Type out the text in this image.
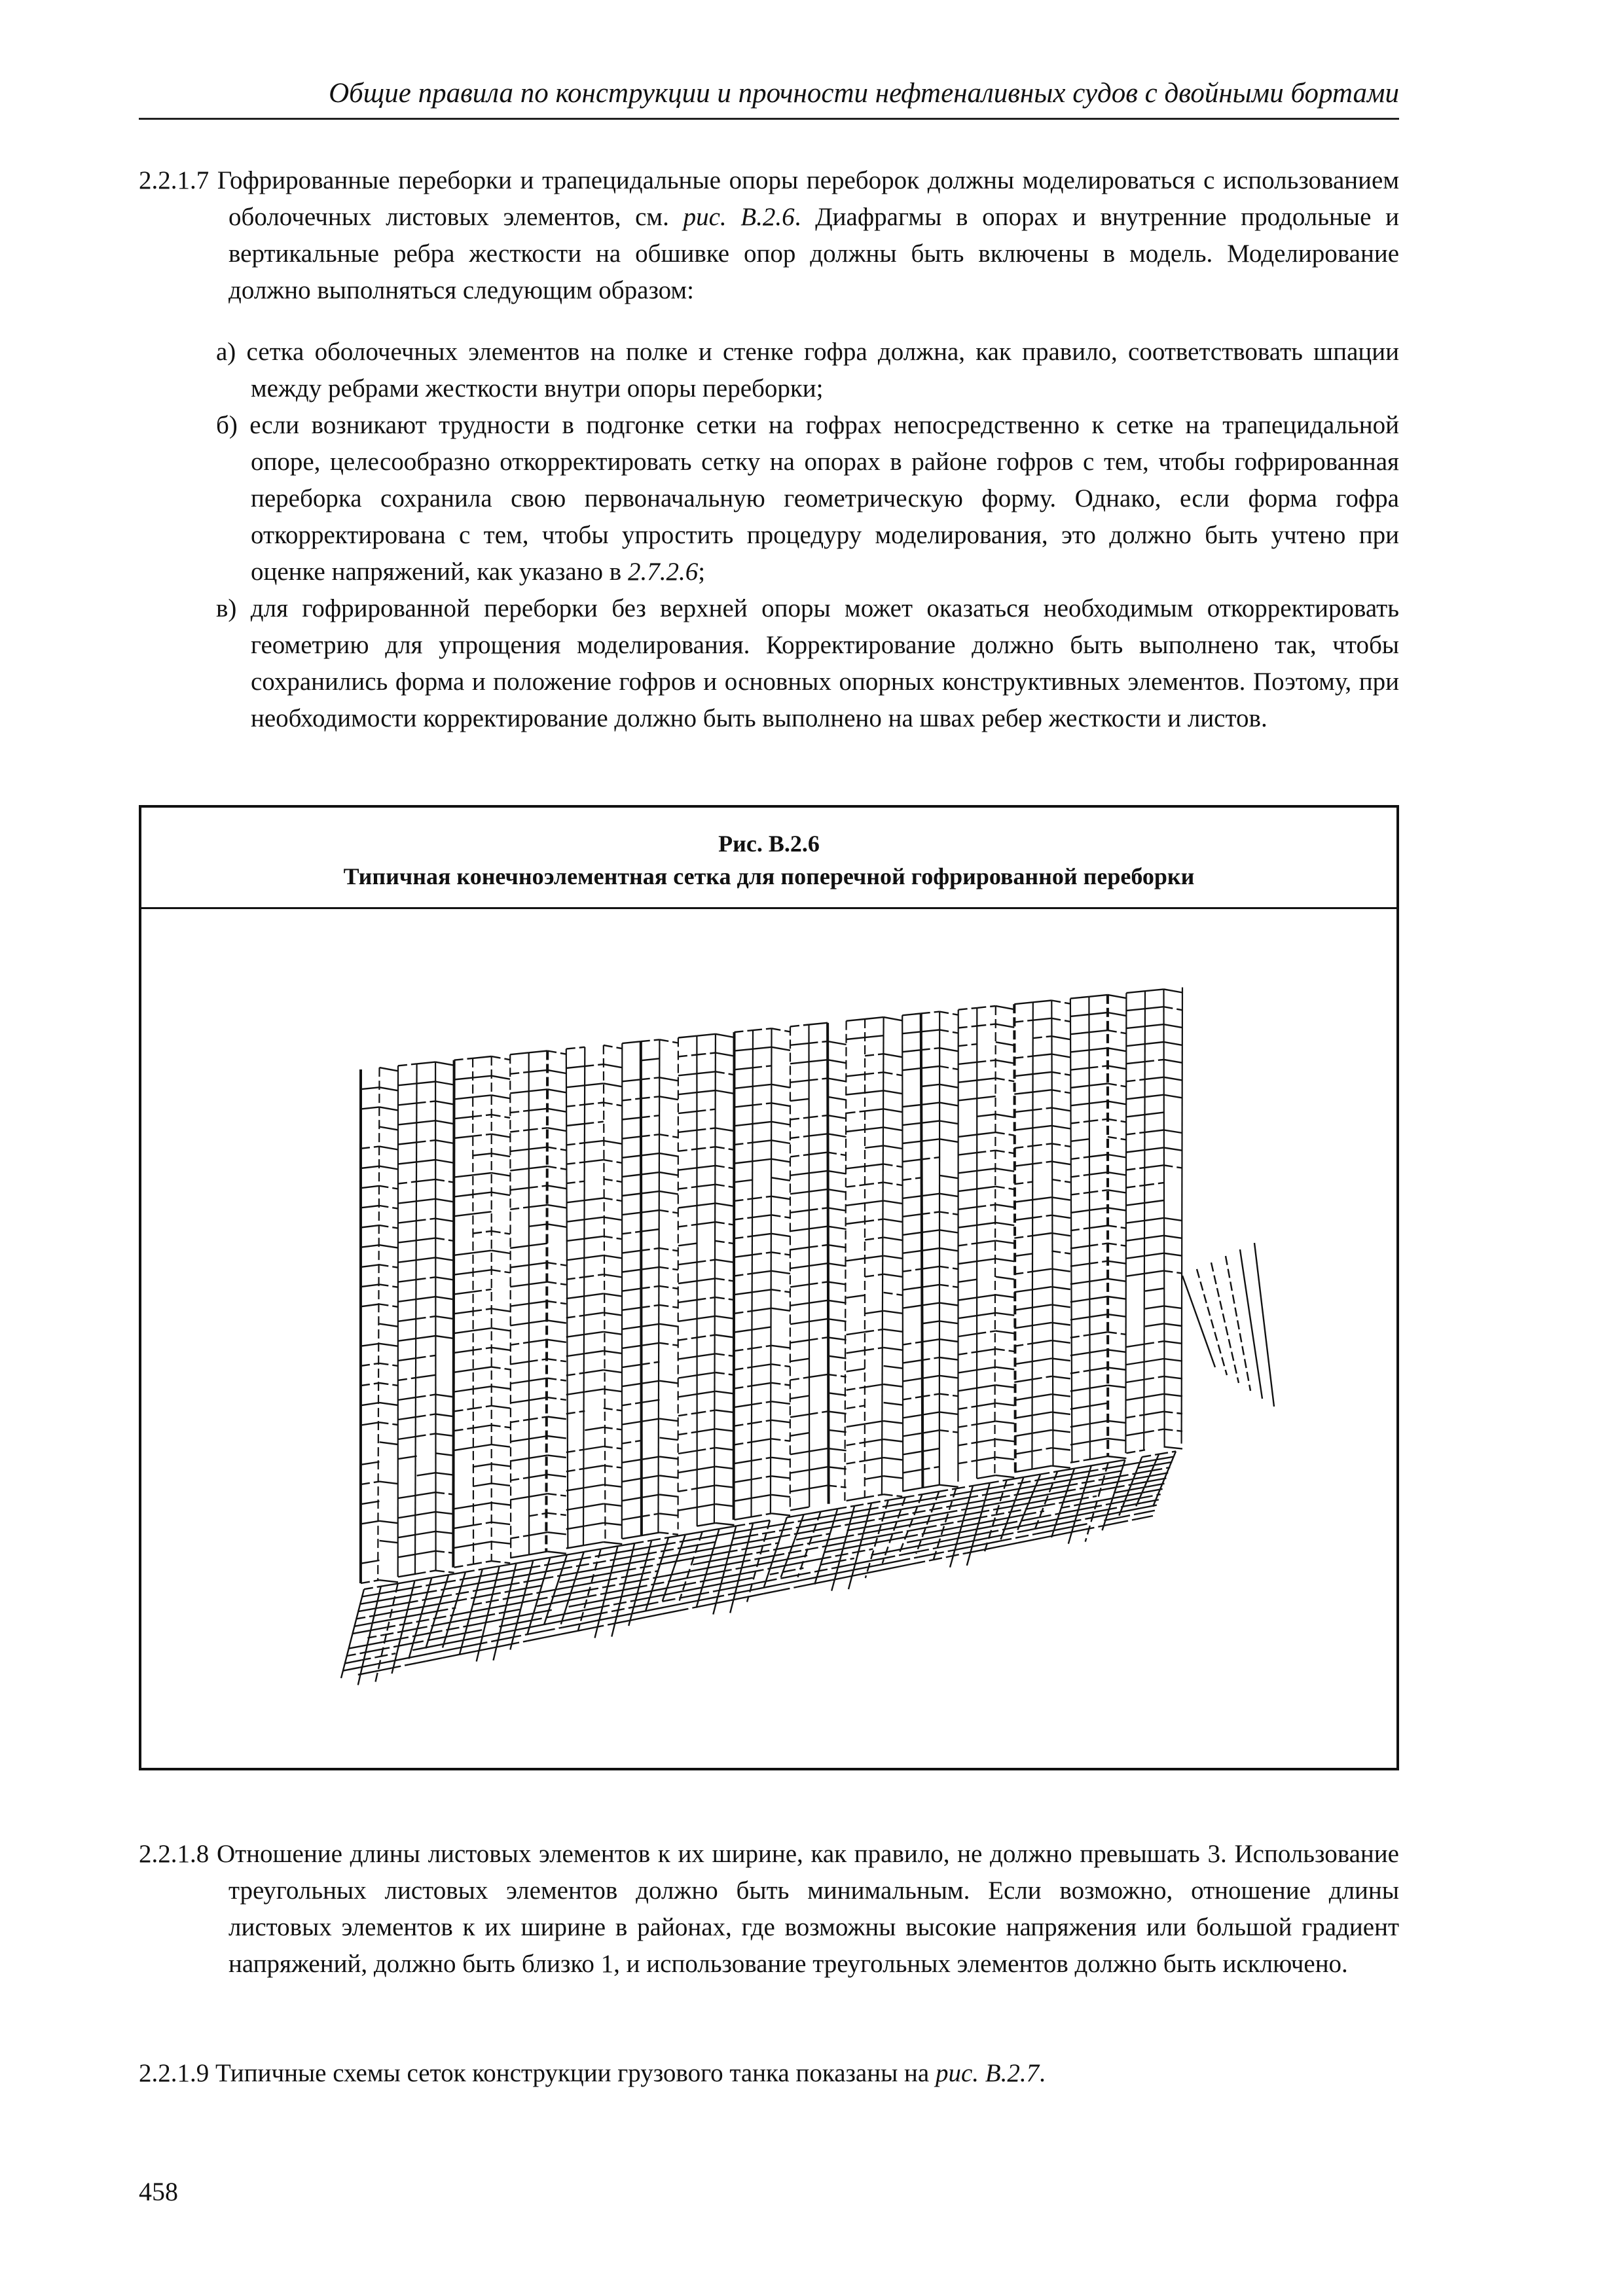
Общие правила по конструкции и прочности нефтеналивных судов с двойными бортами

2.2.1.7 Гофрированные переборки и трапецидальные опоры переборок должны моделироваться с использованием оболочечных листовых элементов, см. рис. В.2.6. Диафрагмы в опорах и внутренние продольные и вертикальные ребра жесткости на обшивке опор должны быть включены в модель. Моделирование должно выполняться следующим образом:

а) сетка оболочечных элементов на полке и стенке гофра должна, как правило, соответствовать шпации между ребрами жесткости внутри опоры переборки;

б) если возникают трудности в подгонке сетки на гофрах непосредственно к сетке на трапецидальной опоре, целесообразно откорректировать сетку на опорах в районе гофров с тем, чтобы гофрированная переборка сохранила свою первоначальную геометрическую форму. Однако, если форма гофра откорректирована с тем, чтобы упростить процедуру моделирования, это должно быть учтено при оценке напряжений, как указано в 2.7.2.6;

в) для гофрированной переборки без верхней опоры может оказаться необходимым откорректировать геометрию для упрощения моделирования. Корректирование должно быть выполнено так, чтобы сохранились форма и положение гофров и основных опорных конструктивных элементов. Поэтому, при необходимости корректирование должно быть выполнено на швах ребер жесткости и листов.

Рис. В.2.6
Типичная конечноэлементная сетка для поперечной гофрированной переборки

2.2.1.8 Отношение длины листовых элементов к их ширине, как правило, не должно превышать 3. Использование треугольных листовых элементов должно быть минимальным. Если возможно, отношение длины листовых элементов к их ширине в районах, где возможны высокие напряжения или большой градиент напряжений, должно быть близко 1, и использование треугольных элементов должно быть исключено.

2.2.1.9 Типичные схемы сеток конструкции грузового танка показаны на рис. В.2.7.

458
